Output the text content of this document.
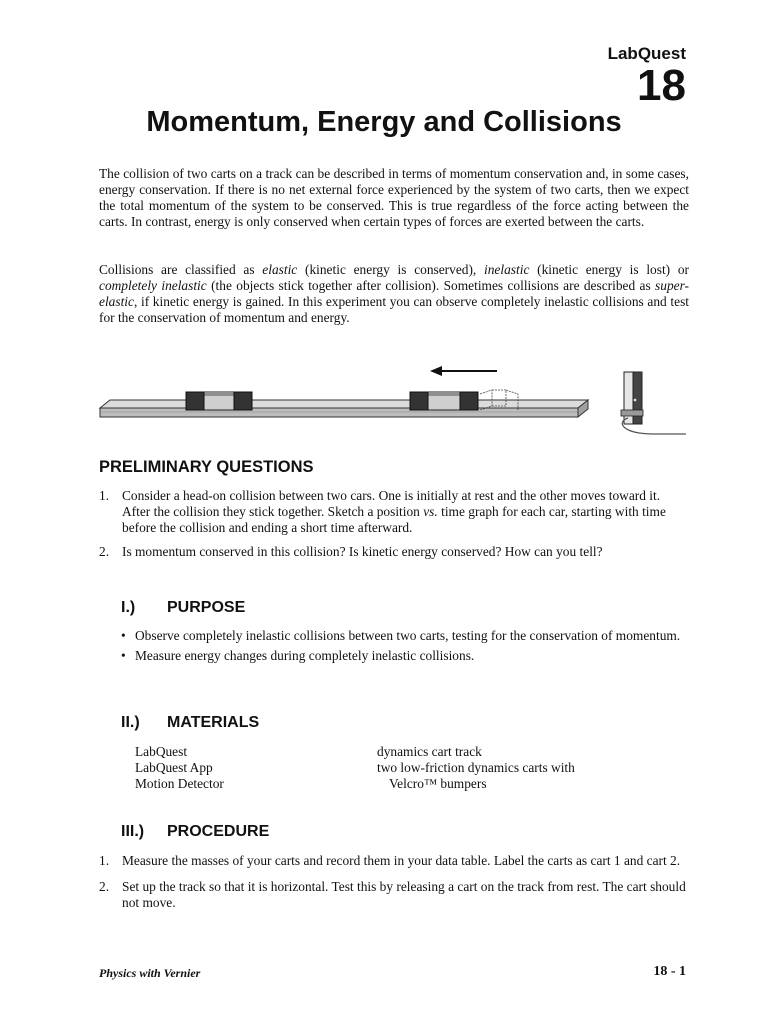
LabQuest
18
Momentum, Energy and Collisions

The collision of two carts on a track can be described in terms of momentum conservation and, in some cases, energy conservation. If there is no net external force experienced by the system of two carts, then we expect the total momentum of the system to be conserved. This is true regardless of the force acting between the carts. In contrast, energy is only conserved when certain types of forces are exerted between the carts.

Collisions are classified as elastic (kinetic energy is conserved), inelastic (kinetic energy is lost) or completely inelastic (the objects stick together after collision). Sometimes collisions are described as super-elastic, if kinetic energy is gained. In this experiment you can observe completely inelastic collisions and test for the conservation of momentum and energy.

PRELIMINARY QUESTIONS
1. Consider a head-on collision between two cars. One is initially at rest and the other moves toward it. After the collision they stick together. Sketch a position vs. time graph for each car, starting with time before the collision and ending a short time afterward.
2. Is momentum conserved in this collision? Is kinetic energy conserved? How can you tell?
I.) PURPOSE
• Observe completely inelastic collisions between two carts, testing for the conservation of momentum.
• Measure energy changes during completely inelastic collisions.
II.) MATERIALS
LabQuest
LabQuest App
Motion Detector
dynamics cart track
two low-friction dynamics carts with
Velcro™ bumpers
III.) PROCEDURE
1. Measure the masses of your carts and record them in your data table. Label the carts as cart 1 and cart 2.
2. Set up the track so that it is horizontal. Test this by releasing a cart on the track from rest. The cart should not move.
Physics with Vernier	18 - 1
